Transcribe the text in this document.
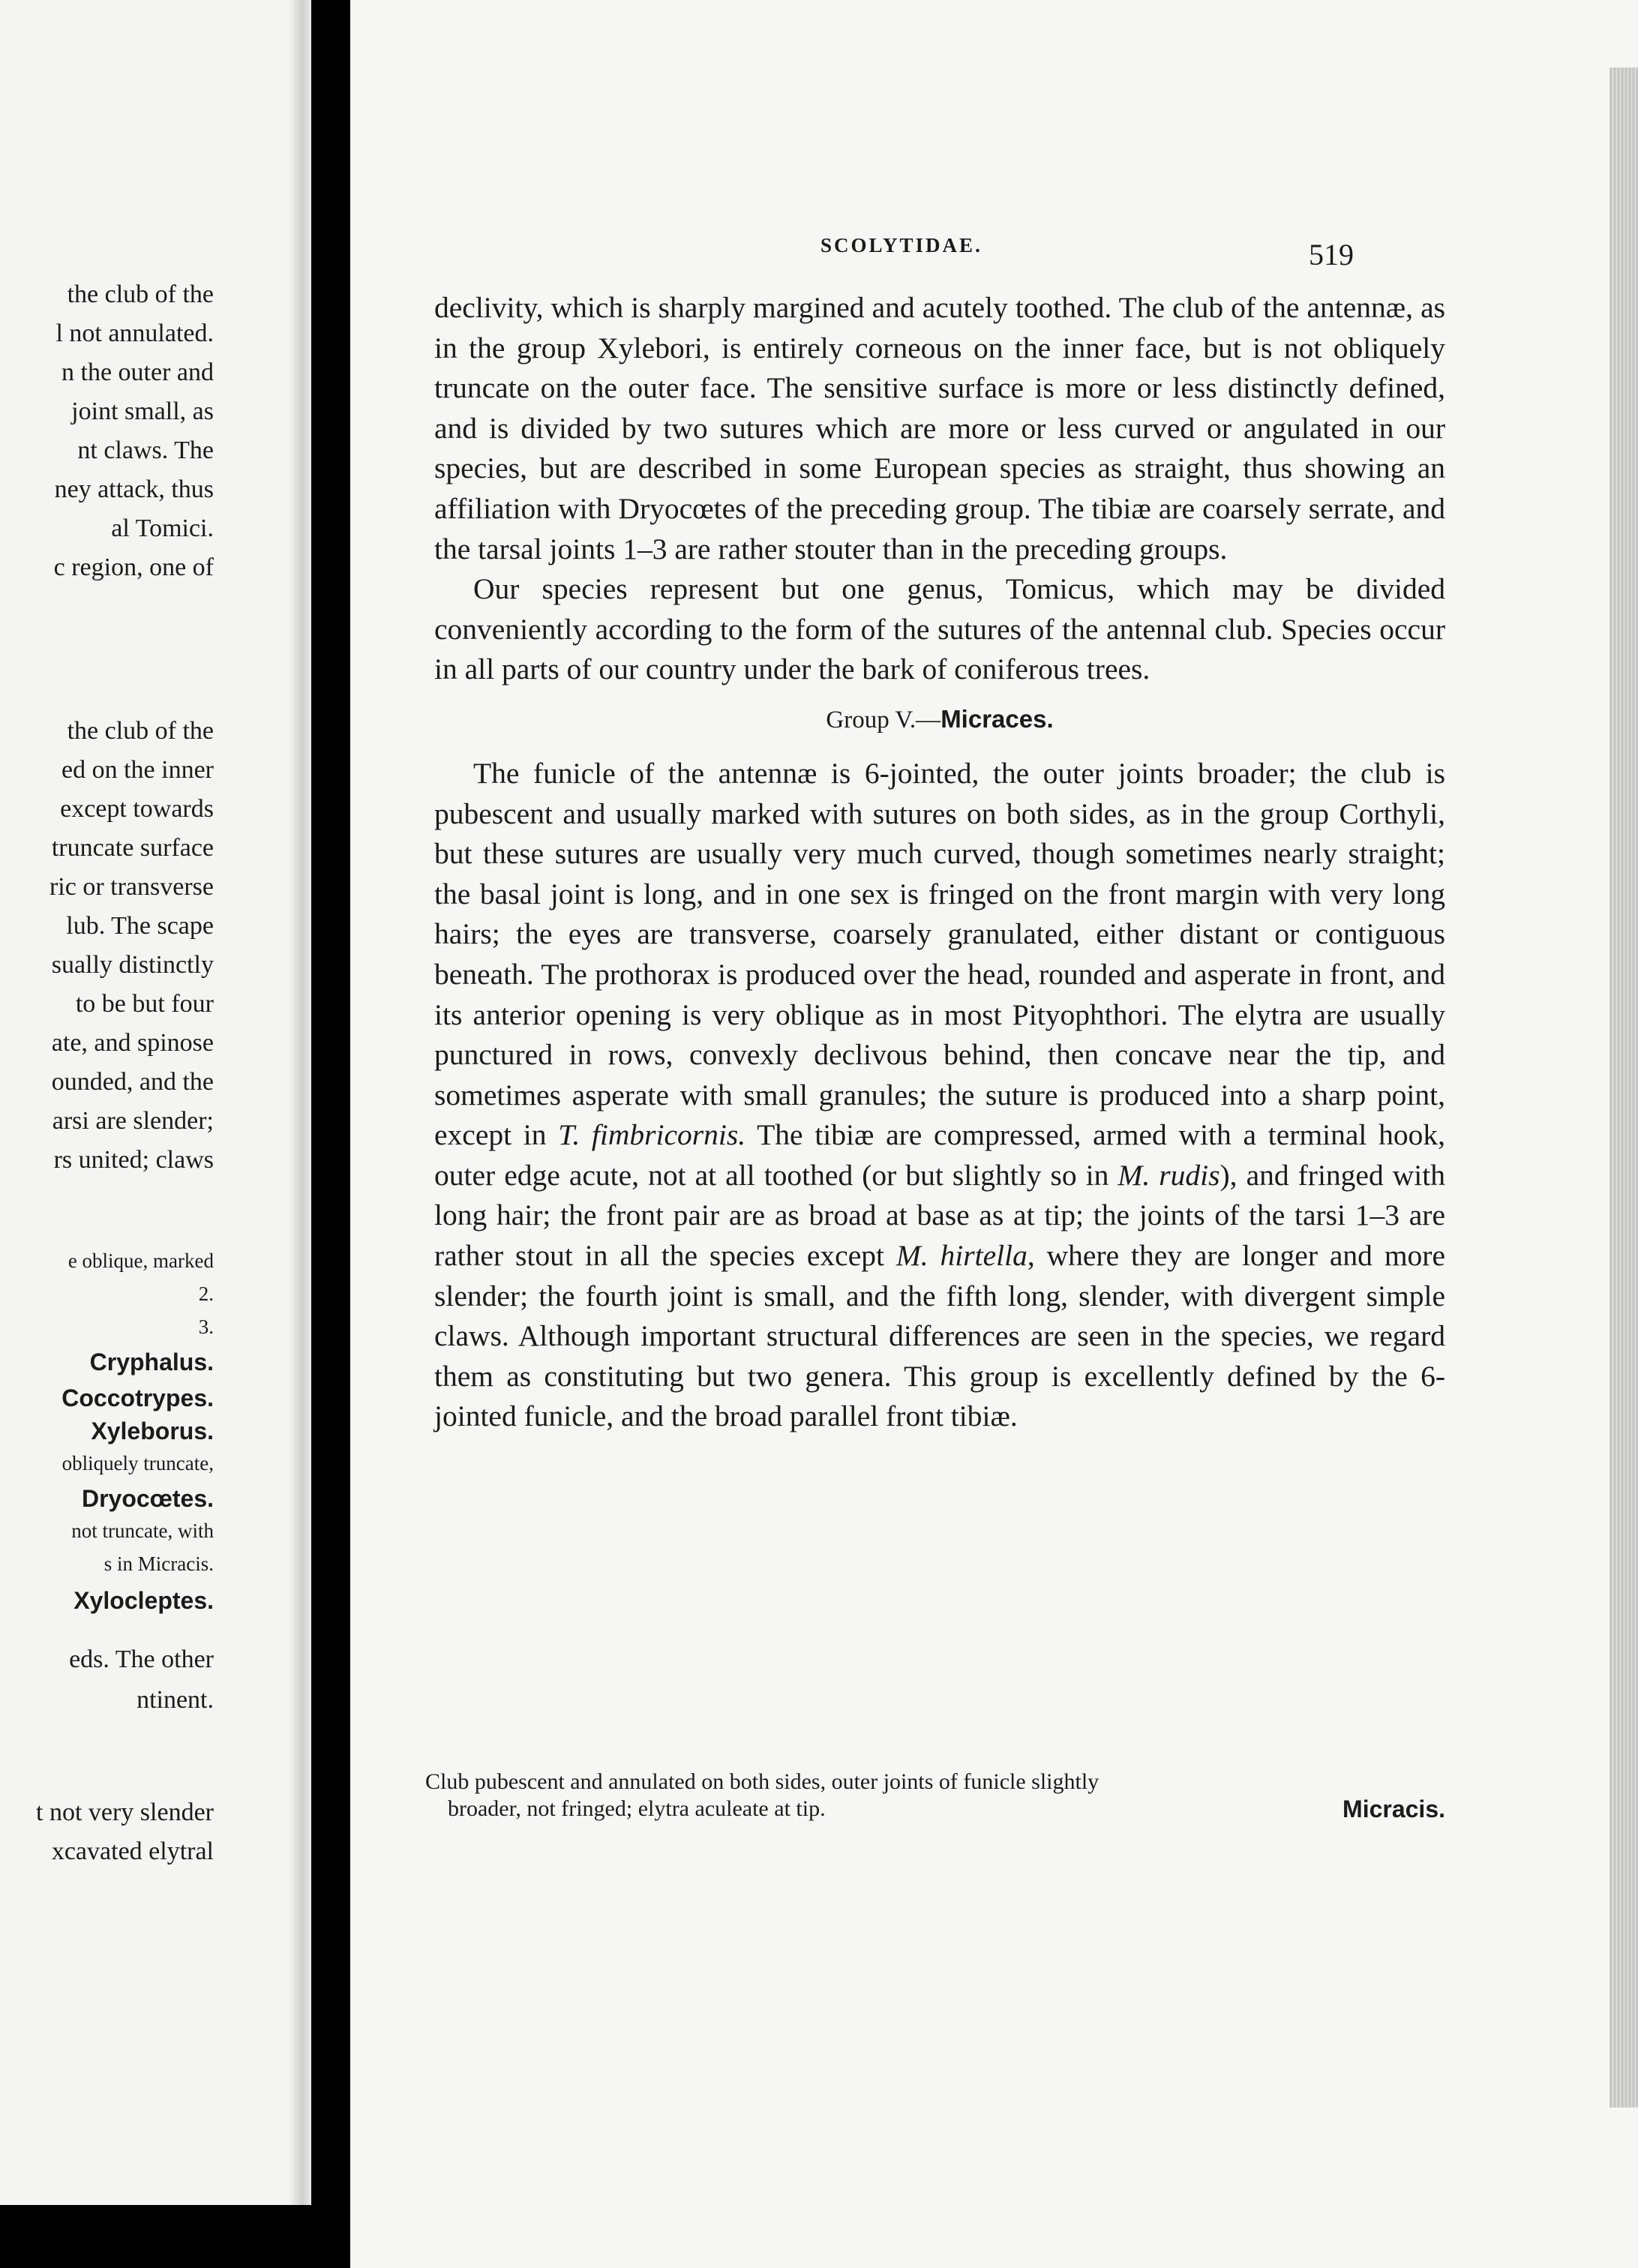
the club of the
l not annulated.
n the outer and
joint small, as
nt claws. The
ney attack, thus
al Tomici.
c region, one of
the club of the
ed on the inner
except towards
truncate surface
ric or transverse
lub. The scape
sually distinctly
to be but four
ate, and spinose
ounded, and the
arsi are slender;
rs united; claws
e oblique, marked
2.
3.
Cryphalus.
Coccotrypes.
Xyleborus.
obliquely truncate,
Dryocœtes.
not truncate, with
s in Micracis.
Xylocleptes.
eds. The other
ntinent.
t not very slender
xcavated elytral
SCOLYTIDAE.	519

declivity, which is sharply margined and acutely toothed. The club of the antennæ, as in the group Xylebori, is entirely corneous on the inner face, but is not obliquely truncate on the outer face. The sensitive surface is more or less distinctly defined, and is divided by two sutures which are more or less curved or angulated in our species, but are described in some European species as straight, thus showing an affiliation with Dryocœtes of the preceding group. The tibiæ are coarsely serrate, and the tarsal joints 1–3 are rather stouter than in the preceding groups.

Our species represent but one genus, Tomicus, which may be divided conveniently according to the form of the sutures of the antennal club. Species occur in all parts of our country under the bark of coniferous trees.

Group V.—Micraces.

The funicle of the antennæ is 6-jointed, the outer joints broader; the club is pubescent and usually marked with sutures on both sides, as in the group Corthyli, but these sutures are usually very much curved, though sometimes nearly straight; the basal joint is long, and in one sex is fringed on the front margin with very long hairs; the eyes are transverse, coarsely granulated, either distant or contiguous beneath. The prothorax is produced over the head, rounded and asperate in front, and its anterior opening is very oblique as in most Pityophthori. The elytra are usually punctured in rows, convexly declivous behind, then concave near the tip, and sometimes asperate with small granules; the suture is produced into a sharp point, except in T. fimbricornis. The tibiæ are compressed, armed with a terminal hook, outer edge acute, not at all toothed (or but slightly so in M. rudis), and fringed with long hair; the front pair are as broad at base as at tip; the joints of the tarsi 1–3 are rather stout in all the species except M. hirtella, where they are longer and more slender; the fourth joint is small, and the fifth long, slender, with divergent simple claws. Although important structural differences are seen in the species, we regard them as constituting but two genera. This group is excellently defined by the 6-jointed funicle, and the broad parallel front tibiæ.

Club pubescent and annulated on both sides, outer joints of funicle slightly
broader, not fringed; elytra aculeate at tip.	Micracis.
